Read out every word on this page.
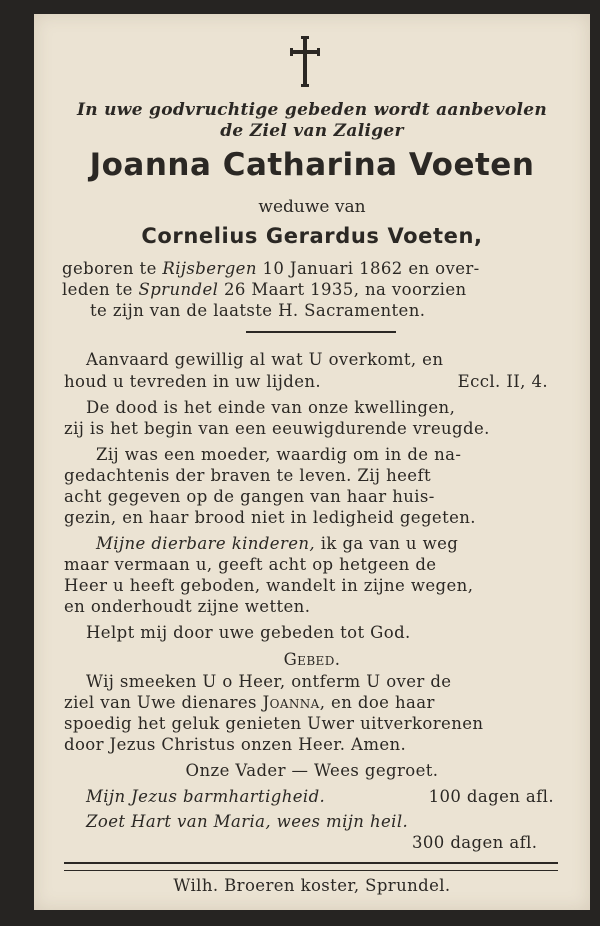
In uwe godvruchtige gebeden wordt aanbevolen
de Ziel van Zaliger
Joanna Catharina Voeten
weduwe van
Cornelius Gerardus Voeten,
geboren te Rijsbergen 10 Januari 1862 en over-
leden te Sprundel 26 Maart 1935, na voorzien
te zijn van de laatste H. Sacramenten.
Aanvaard gewillig al wat U overkomt, en
houd u tevreden in uw lijden.	Eccl. II, 4.
De dood is het einde van onze kwellingen,
zij is het begin van een eeuwigdurende vreugde.
Zij was een moeder, waardig om in de na-
gedachtenis der braven te leven. Zij heeft
acht gegeven op de gangen van haar huis-
gezin, en haar brood niet in ledigheid gegeten.
Mijne dierbare kinderen, ik ga van u weg
maar vermaan u, geeft acht op hetgeen de
Heer u heeft geboden, wandelt in zijne wegen,
en onderhoudt zijne wetten.
Helpt mij door uwe gebeden tot God.
Gebed.
Wij smeeken U o Heer, ontferm U over de
ziel van Uwe dienares Joanna, en doe haar
spoedig het geluk genieten Uwer uitverkorenen
door Jezus Christus onzen Heer. Amen.
Onze Vader — Wees gegroet.
Mijn Jezus barmhartigheid.	100 dagen afl.
Zoet Hart van Maria, wees mijn heil.
300 dagen afl.
Wilh. Broeren koster, Sprundel.
